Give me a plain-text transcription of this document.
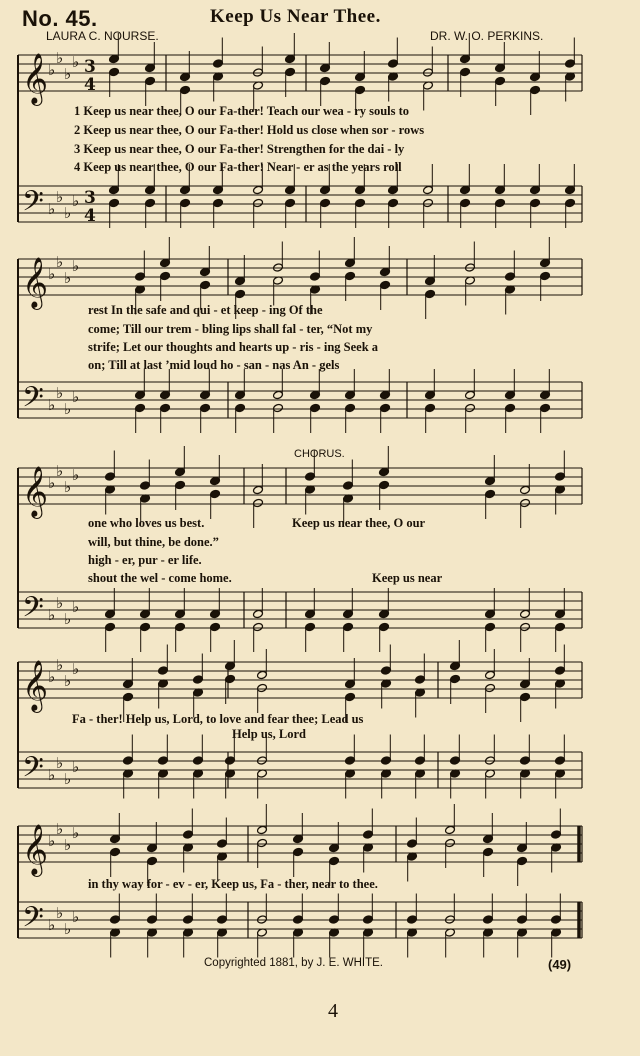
No. 45.	Keep Us Near Thee.
LAURA C. NOURSE.	DR. W. O. PERKINS.
𝄞
𝄢
♭
♭
♭
♭
♭
♭
♭
♭
3
4
3
4
𝄞
𝄢
♭
♭
♭
♭
♭
♭
♭
♭
𝄞
𝄢
♭
♭
♭
♭
♭
♭
♭
♭
𝄞
𝄢
♭
♭
♭
♭
♭
♭
♭
♭
𝄞
𝄢
♭
♭
♭
♭
♭
♭
♭
♭
1 Keep us near thee, O our Fa-ther! Teach our wea - ry souls to
2 Keep us near thee, O our Fa-ther! Hold us close when sor - rows
3 Keep us near thee, O our Fa-ther! Strengthen for the dai - ly
4 Keep us near thee, O our Fa-ther! Near - er as the years roll
rest In the safe and qui - et keep - ing Of the
come; Till our trem - bling lips shall fal - ter, “Not my
strife; Let our thoughts and hearts up - ris - ing Seek a
on; Till at last ’mid loud ho - san - nas An - gels
CHORUS.
one who loves us best.
will, but thine, be done.”
high - er, pur - er life.
shout the wel - come home.
Keep us near thee, O our
Keep us near
Fa - ther! Help us, Lord, to love and fear thee; Lead us
Help us, Lord
in thy way for - ev - er, Keep us, Fa - ther, near to thee.
Copyrighted 1881, by J. E. WHITE.	(49)
4
